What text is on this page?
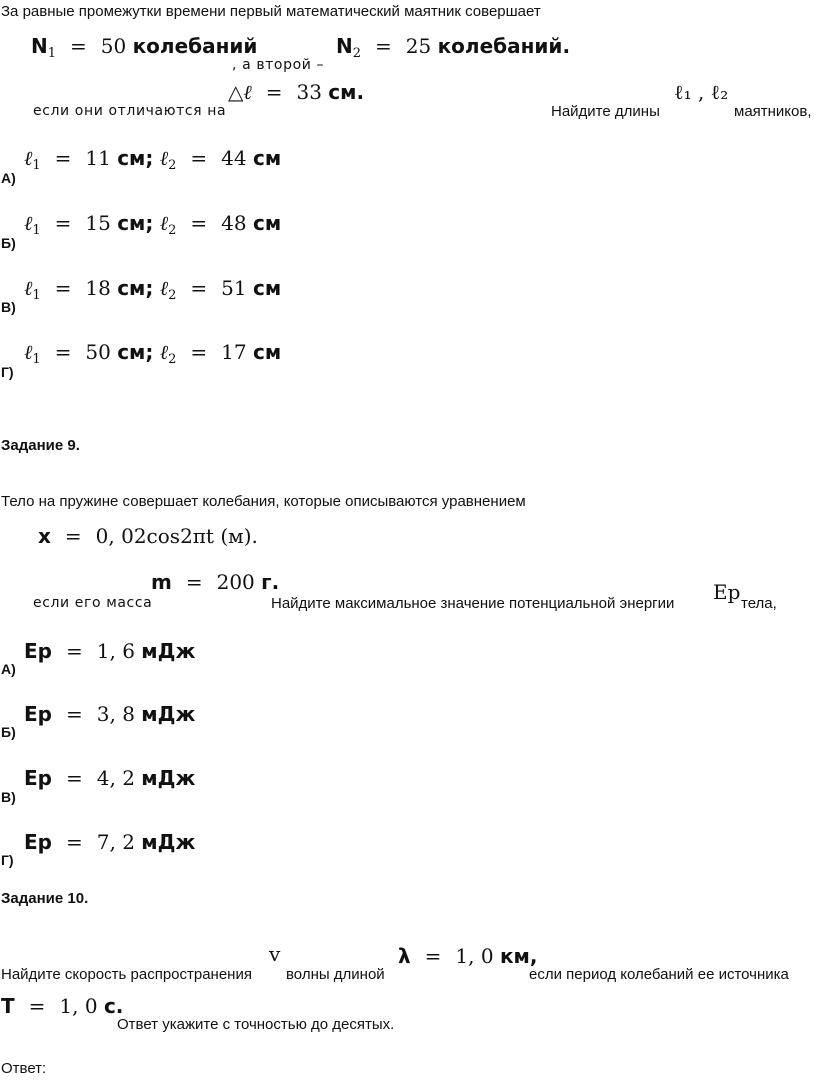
За равные промежутки времени первый математический маятник совершает
$N_1 = 50$ колебаний
, а второй –
$N_2 = 25$ колебаний.
△ℓ = 33 см.
если они отличаются на	Найдите длины
ℓ₁ , ℓ₂
маятников,
А)
ℓ$_1$ = 11 см; ℓ$_2$ = 44 см
Б)
ℓ$_1$ = 15 см; ℓ$_2$ = 48 см
В)
ℓ$_1$ = 18 см; ℓ$_2$ = 51 см
Г)
ℓ$_1$ = 50 см; ℓ$_2$ = 17 см
Задание 9.
Тело на пружине совершает колебания, которые описываются уравнением
x = 0, 02cos2πt (м).
m = 200 г.
если его масса	Найдите максимальное значение потенциальной энергии Ep тела,
А)
Ep = 1, 6 мДж
Б)
Ep = 3, 8 мДж
В)
Ep = 4, 2 мДж
Г)
Ep = 7, 2 мДж
Задание 10.
Найдите скорость распространения
v
волны длиной
λ = 1, 0 км,
если период колебаний ее источника
T = 1, 0 с.
Ответ укажите с точностью до десятых.
Ответ:
